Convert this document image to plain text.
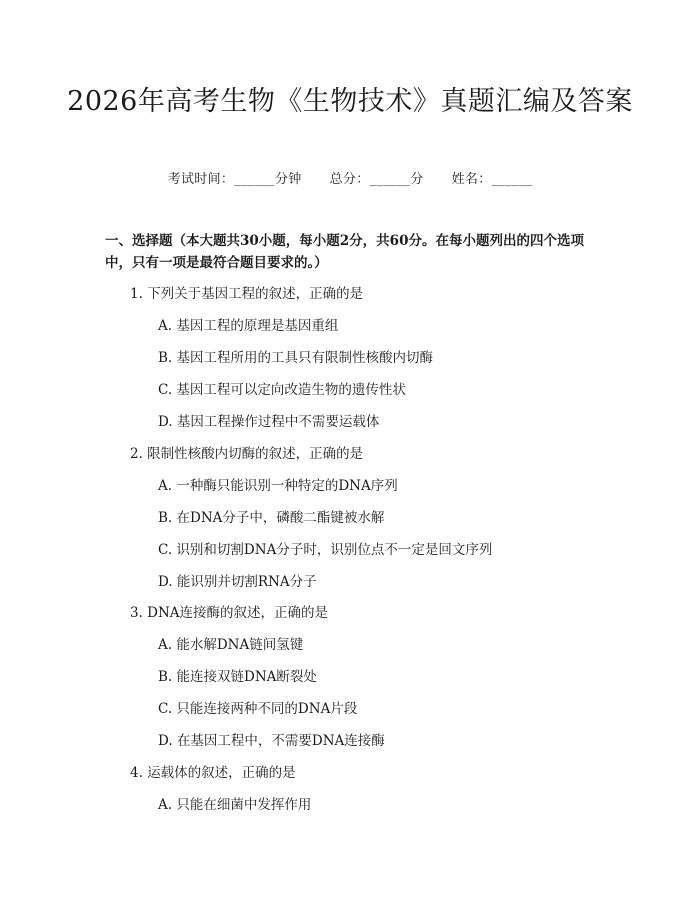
2026年高考生物《生物技术》真题汇编及答案
考试时间：______分钟 总分：______分 姓名：______
一、选择题（本大题共30小题，每小题2分，共60分。在每小题列出的四个选项中，只有一项是最符合题目要求的。）
1. 下列关于基因工程的叙述，正确的是
A. 基因工程的原理是基因重组
B. 基因工程所用的工具只有限制性核酸内切酶
C. 基因工程可以定向改造生物的遗传性状
D. 基因工程操作过程中不需要运载体
2. 限制性核酸内切酶的叙述，正确的是
A. 一种酶只能识别一种特定的DNA序列
B. 在DNA分子中，磷酸二酯键被水解
C. 识别和切割DNA分子时，识别位点不一定是回文序列
D. 能识别并切割RNA分子
3. DNA连接酶的叙述，正确的是
A. 能水解DNA链间氢键
B. 能连接双链DNA断裂处
C. 只能连接两种不同的DNA片段
D. 在基因工程中，不需要DNA连接酶
4. 运载体的叙述，正确的是
A. 只能在细菌中发挥作用
